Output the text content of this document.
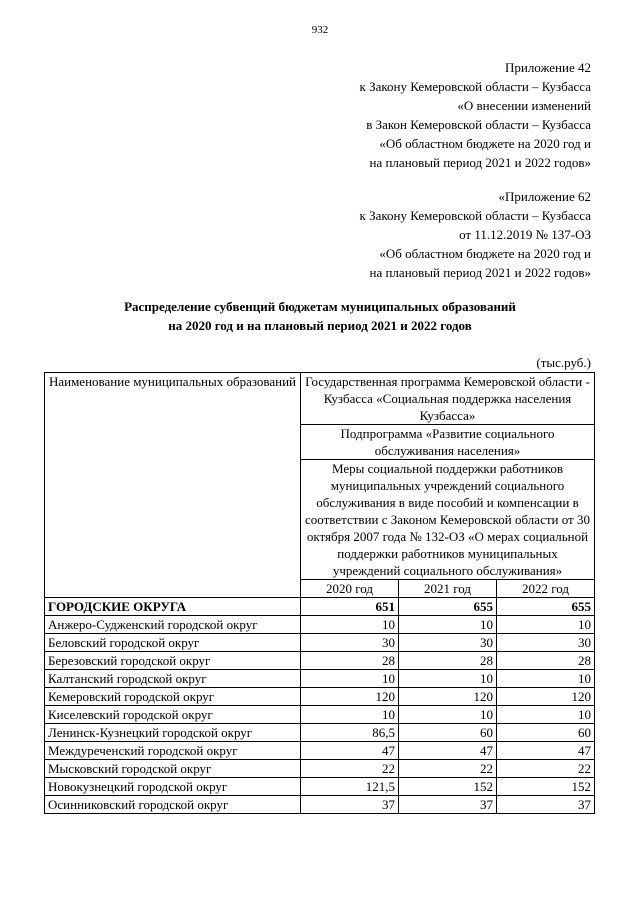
932
Приложение 42
к Закону Кемеровской области – Кузбасса
«О внесении изменений
в Закон Кемеровской области – Кузбасса
«Об областном бюджете на 2020 год и
на плановый период 2021 и 2022 годов»
«Приложение 62
к Закону Кемеровской области – Кузбасса
от 11.12.2019 № 137-ОЗ
«Об областном бюджете на 2020 год и
на плановый период 2021 и 2022 годов»
Распределение субвенций бюджетам муниципальных образований
на 2020 год и на плановый период 2021 и 2022 годов
(тыс.руб.)
Наименование муниципальных образований	Государственная программа Кемеровской области - Кузбасса «Социальная поддержка населения Кузбасса»		
	Подпрограмма «Развитие социального обслуживания населения»		
	Меры социальной поддержки работников муниципальных учреждений социального обслуживания в виде пособий и компенсации в соответствии с Законом Кемеровской области от 30 октября 2007 года № 132-ОЗ «О мерах социальной поддержки работников муниципальных учреждений социального обслуживания»		
	2020 год	2021 год	2022 год
ГОРОДСКИЕ ОКРУГА	651	655	655
Анжеро-Судженский городской округ	10	10	10
Беловский городской округ	30	30	30
Березовский городской округ	28	28	28
Калтанский городской округ	10	10	10
Кемеровский городской округ	120	120	120
Киселевский городской округ	10	10	10
Ленинск-Кузнецкий городской округ	86,5	60	60
Междуреченский городской округ	47	47	47
Мысковский городской округ	22	22	22
Новокузнецкий городской округ	121,5	152	152
Осинниковский городской округ	37	37	37
